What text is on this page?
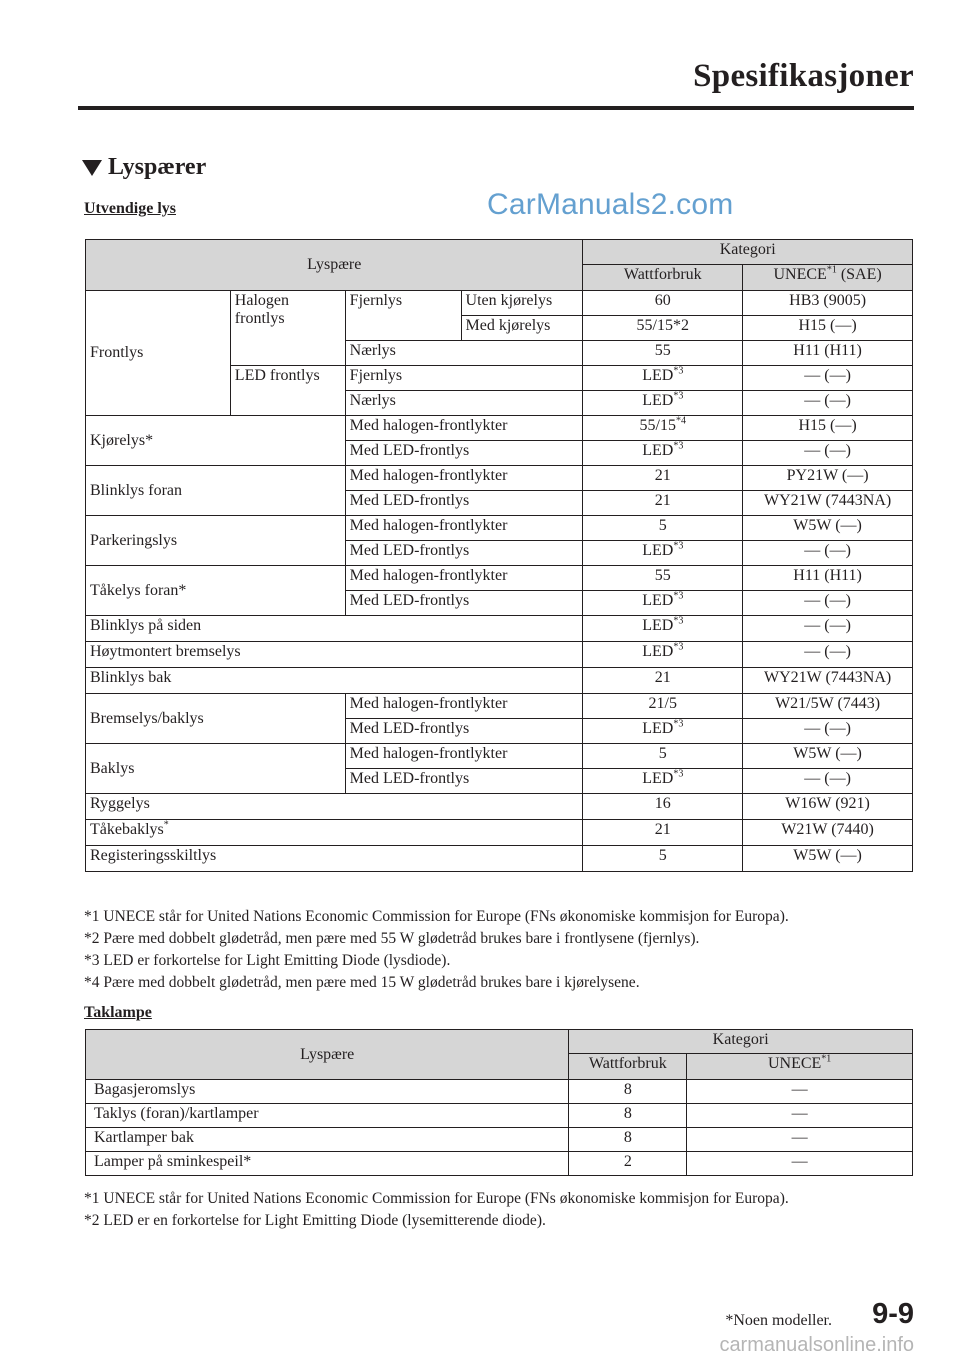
Spesifikasjoner
Lyspærer
Utvendige lys	CarManuals2.com
Lyspære				Kategori	
				Wattforbruk	UNECE$^{*1}$ (SAE)
Frontlys	Halogen frontlys	Fjernlys	Uten kjørelys	60	HB3 (9005)
			Med kjørelys	55/15*2	H15 (—)
		Nærlys		55	H11 (H11)
	LED frontlys	Fjernlys		LED$^{*3}$	— (—)
		Nærlys		LED$^{*3}$	— (—)
Kjørelys*		Med halogen-frontlykter		55/15$^{*4}$	H15 (—)
		Med LED-frontlys		LED$^{*3}$	— (—)
Blinklys foran		Med halogen-frontlykter		21	PY21W (—)
		Med LED-frontlys		21	WY21W (7443NA)
Parkeringslys		Med halogen-frontlykter		5	W5W (—)
		Med LED-frontlys		LED$^{*3}$	— (—)
Tåkelys foran*		Med halogen-frontlykter		55	H11 (H11)
		Med LED-frontlys		LED$^{*3}$	— (—)
Blinklys på siden				LED$^{*3}$	— (—)
Høytmontert bremselys				LED$^{*3}$	— (—)
Blinklys bak				21	WY21W (7443NA)
Bremselys/baklys		Med halogen-frontlykter		21/5	W21/5W (7443)
		Med LED-frontlys		LED$^{*3}$	— (—)
Baklys		Med halogen-frontlykter		5	W5W (—)
		Med LED-frontlys		LED$^{*3}$	— (—)
Ryggelys				16	W16W (921)
Tåkebaklys*				21	W21W (7440)
Registeringsskiltlys				5	W5W (—)
*1 UNECE står for United Nations Economic Commission for Europe (FNs økonomiske kommisjon for Europa).
*2 Pære med dobbelt glødetråd, men pære med 55 W glødetråd brukes bare i frontlysene (fjernlys).
*3 LED er forkortelse for Light Emitting Diode (lysdiode).
*4 Pære med dobbelt glødetråd, men pære med 15 W glødetråd brukes bare i kjørelysene.
Taklampe
Lyspære	Kategori	
	Wattforbruk	UNECE$^{*1}$
Bagasjeromslys	8	—
Taklys (foran)/kartlamper	8	—
Kartlamper bak	8	—
Lamper på sminkespeil*	2	—
*1 UNECE står for United Nations Economic Commission for Europe (FNs økonomiske kommisjon for Europa).
*2 LED er en forkortelse for Light Emitting Diode (lysemitterende diode).
*Noen modeller. 9-9
carmanualsonline.info
